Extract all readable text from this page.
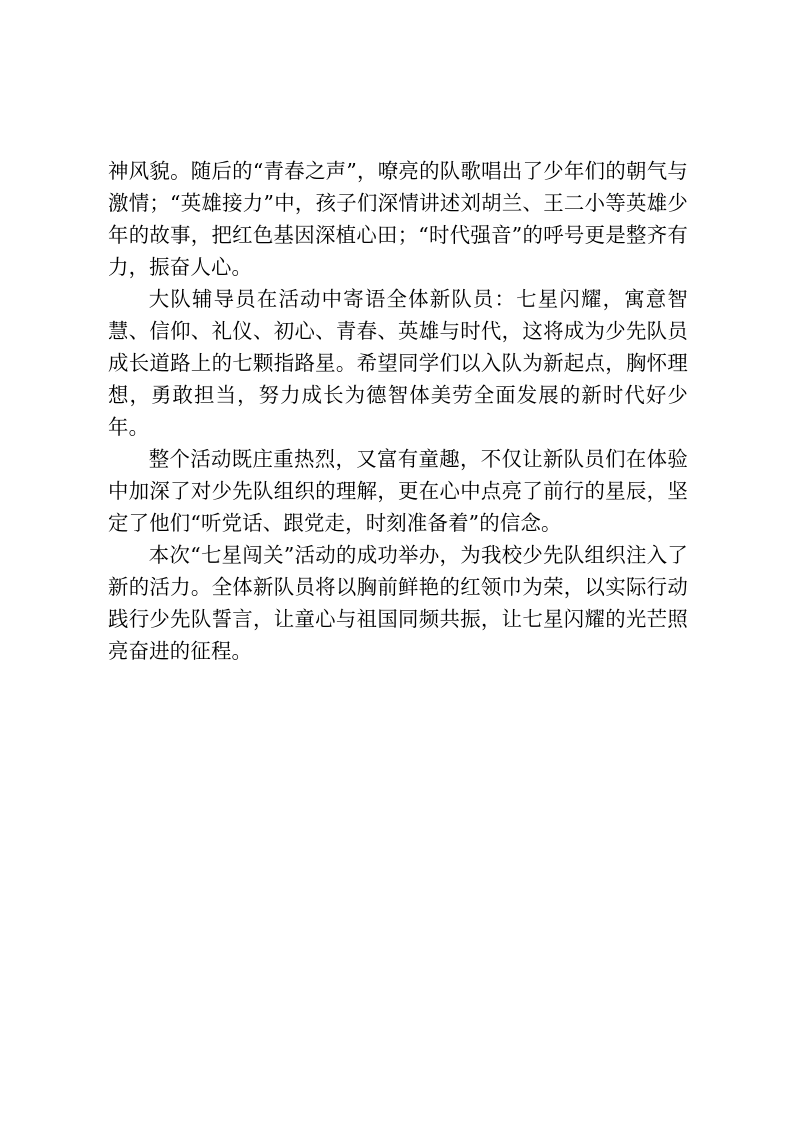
神风貌。随后的“青春之声”，嘹亮的队歌唱出了少年们的朝气与激情；“英雄接力”中，孩子们深情讲述刘胡兰、王二小等英雄少年的故事，把红色基因深植心田；“时代强音”的呼号更是整齐有力，振奋人心。

大队辅导员在活动中寄语全体新队员：七星闪耀，寓意智慧、信仰、礼仪、初心、青春、英雄与时代，这将成为少先队员成长道路上的七颗指路星。希望同学们以入队为新起点，胸怀理想，勇敢担当，努力成长为德智体美劳全面发展的新时代好少年。

整个活动既庄重热烈，又富有童趣，不仅让新队员们在体验中加深了对少先队组织的理解，更在心中点亮了前行的星辰，坚定了他们“听党话、跟党走，时刻准备着”的信念。

本次“七星闯关”活动的成功举办，为我校少先队组织注入了新的活力。全体新队员将以胸前鲜艳的红领巾为荣，以实际行动践行少先队誓言，让童心与祖国同频共振，让七星闪耀的光芒照亮奋进的征程。
